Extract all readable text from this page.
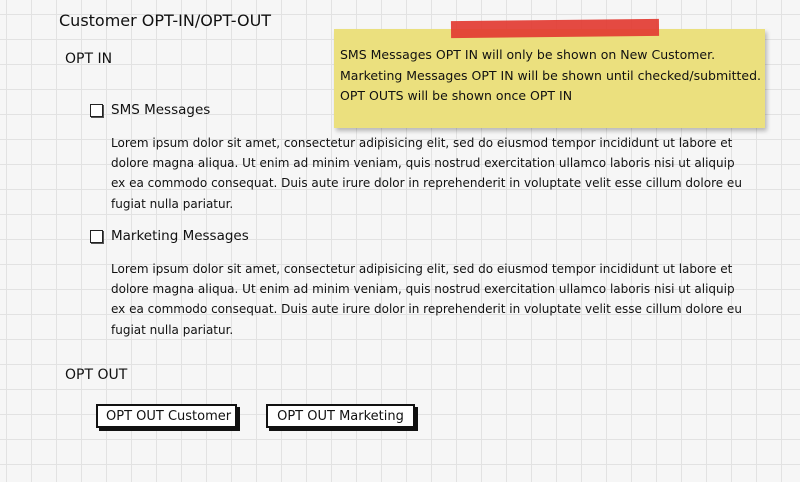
Customer OPT-IN/OPT-OUT
OPT IN
SMS Messages

Lorem ipsum dolor sit amet, consectetur adipisicing elit, sed do eiusmod tempor incididunt ut labore et dolore magna aliqua. Ut enim ad minim veniam, quis nostrud exercitation ullamco laboris nisi ut aliquip ex ea commodo consequat. Duis aute irure dolor in reprehenderit in voluptate velit esse cillum dolore eu fugiat nulla pariatur.

Marketing Messages

Lorem ipsum dolor sit amet, consectetur adipisicing elit, sed do eiusmod tempor incididunt ut labore et dolore magna aliqua. Ut enim ad minim veniam, quis nostrud exercitation ullamco laboris nisi ut aliquip ex ea commodo consequat. Duis aute irure dolor in reprehenderit in voluptate velit esse cillum dolore eu fugiat nulla pariatur.

OPT OUT
OPT OUT Customer	OPT OUT Marketing
SMS Messages OPT IN will only be shown on New Customer.
Marketing Messages OPT IN will be shown until checked/submitted.
OPT OUTS will be shown once OPT IN
